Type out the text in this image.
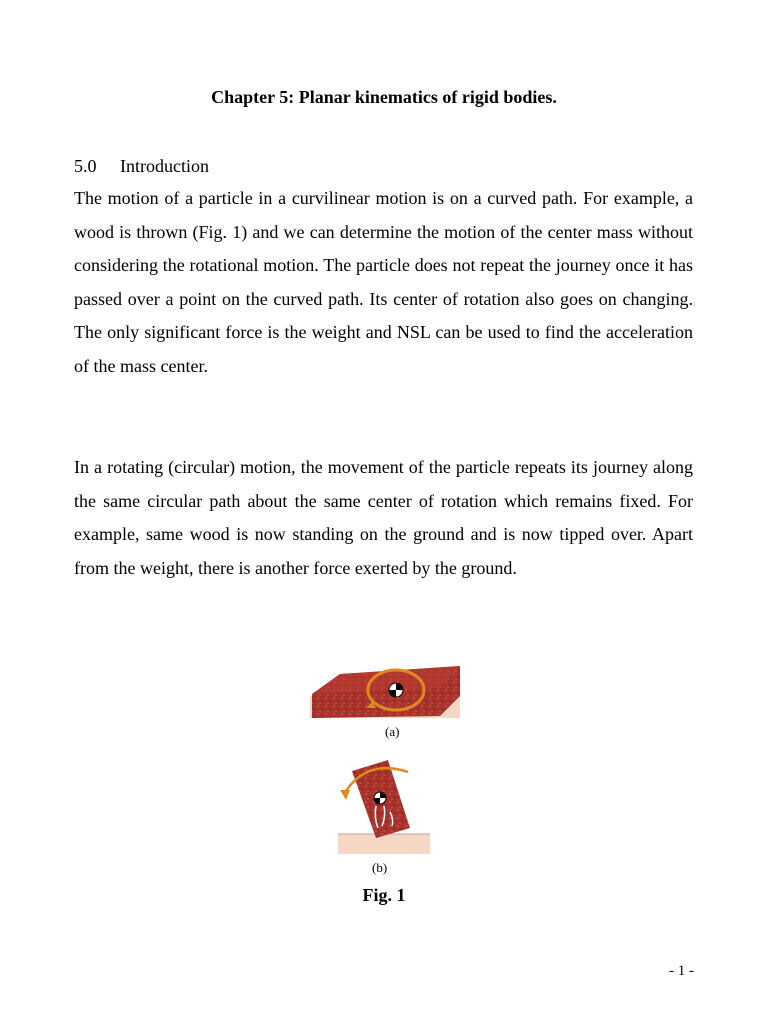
Chapter 5: Planar kinematics of rigid bodies.
5.0 Introduction

The motion of a particle in a curvilinear motion is on a curved path. For example, a wood is thrown (Fig. 1) and we can determine the motion of the center mass without considering the rotational motion. The particle does not repeat the journey once it has passed over a point on the curved path. Its center of rotation also goes on changing. The only significant force is the weight and NSL can be used to find the acceleration of the mass center.

In a rotating (circular) motion, the movement of the particle repeats its journey along the same circular path about the same center of rotation which remains fixed. For example, same wood is now standing on the ground and is now tipped over. Apart from the weight, there is another force exerted by the ground.

(a)
(b)
Fig. 1
- 1 -
